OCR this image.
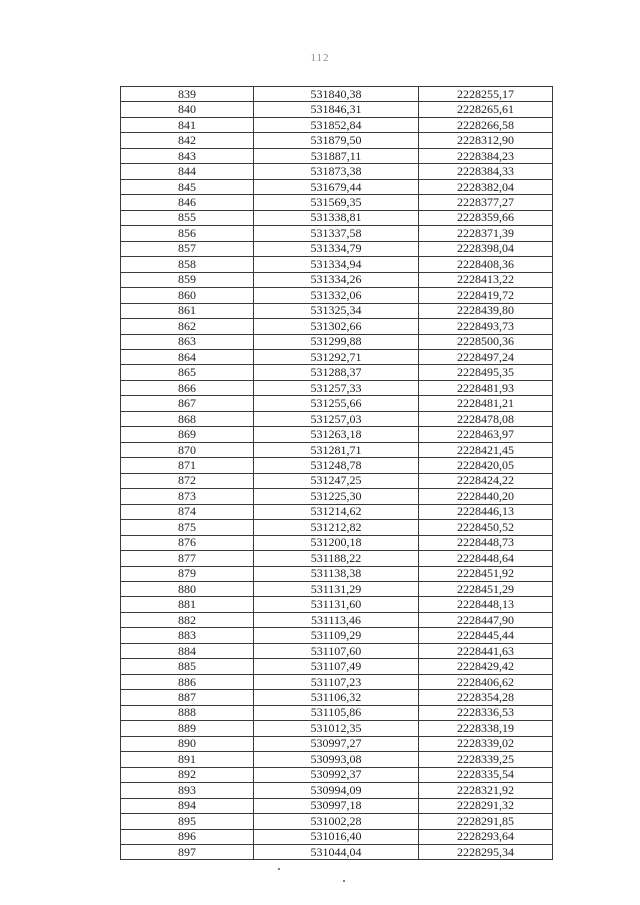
112
839	531840,38	2228255,17
840	531846,31	2228265,61
841	531852,84	2228266,58
842	531879,50	2228312,90
843	531887,11	2228384,23
844	531873,38	2228384,33
845	531679,44	2228382,04
846	531569,35	2228377,27
855	531338,81	2228359,66
856	531337,58	2228371,39
857	531334,79	2228398,04
858	531334,94	2228408,36
859	531334,26	2228413,22
860	531332,06	2228419,72
861	531325,34	2228439,80
862	531302,66	2228493,73
863	531299,88	2228500,36
864	531292,71	2228497,24
865	531288,37	2228495,35
866	531257,33	2228481,93
867	531255,66	2228481,21
868	531257,03	2228478,08
869	531263,18	2228463,97
870	531281,71	2228421,45
871	531248,78	2228420,05
872	531247,25	2228424,22
873	531225,30	2228440,20
874	531214,62	2228446,13
875	531212,82	2228450,52
876	531200,18	2228448,73
877	531188,22	2228448,64
879	531138,38	2228451,92
880	531131,29	2228451,29
881	531131,60	2228448,13
882	531113,46	2228447,90
883	531109,29	2228445,44
884	531107,60	2228441,63
885	531107,49	2228429,42
886	531107,23	2228406,62
887	531106,32	2228354,28
888	531105,86	2228336,53
889	531012,35	2228338,19
890	530997,27	2228339,02
891	530993,08	2228339,25
892	530992,37	2228335,54
893	530994,09	2228321,92
894	530997,18	2228291,32
895	531002,28	2228291,85
896	531016,40	2228293,64
897	531044,04	2228295,34
